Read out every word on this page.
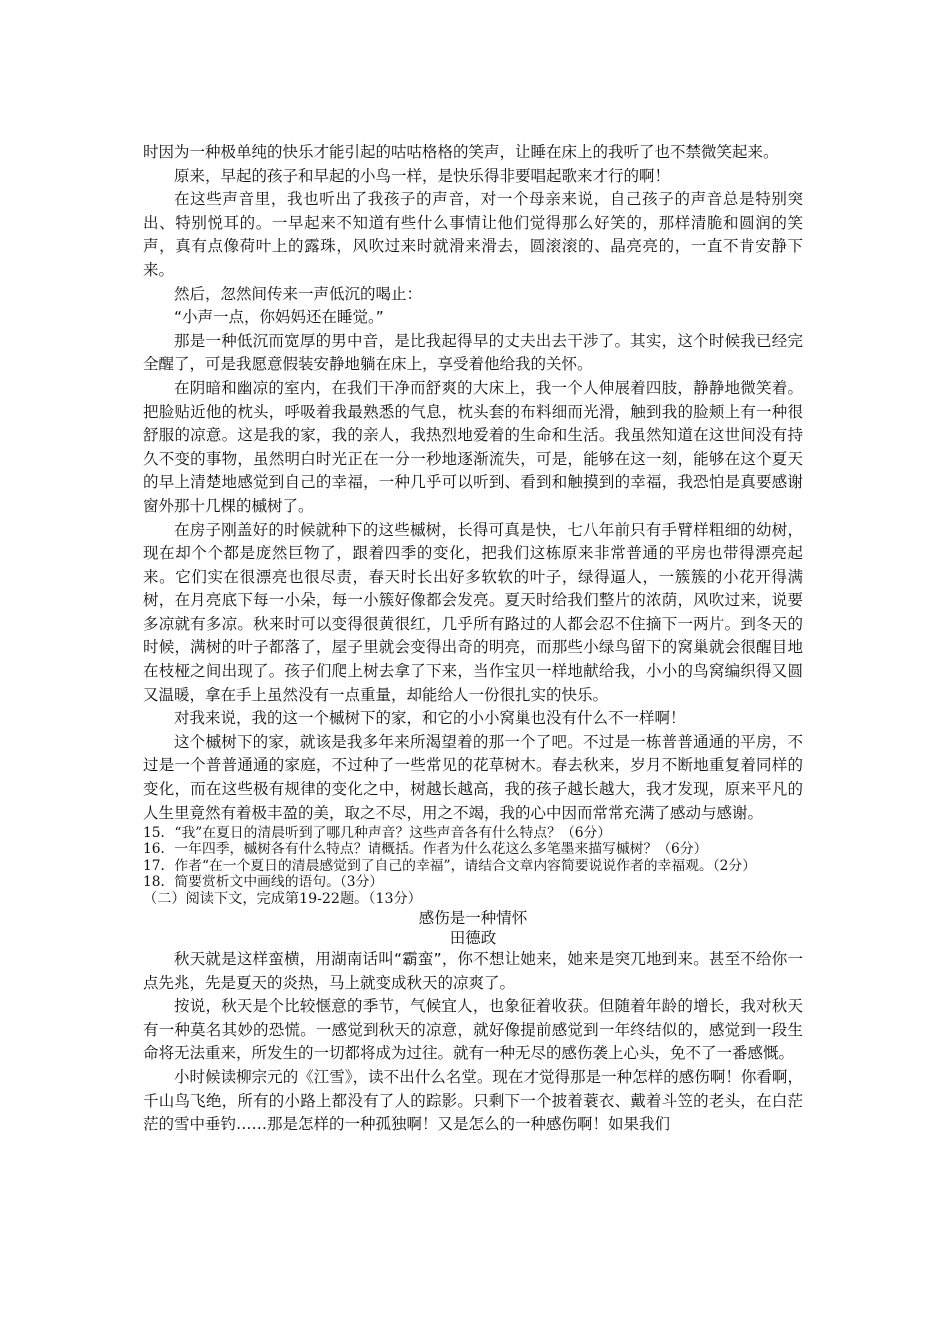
时因为一种极单纯的快乐才能引起的咕咕格格的笑声，让睡在床上的我听了也不禁微笑起来。

原来，早起的孩子和早起的小鸟一样，是快乐得非要唱起歌来才行的啊！

在这些声音里，我也听出了我孩子的声音，对一个母亲来说，自己孩子的声音总是特别突出、特别悦耳的。一早起来不知道有些什么事情让他们觉得那么好笑的，那样清脆和圆润的笑声，真有点像荷叶上的露珠，风吹过来时就滑来滑去，圆滚滚的、晶亮亮的，一直不肯安静下来。

然后，忽然间传来一声低沉的喝止：

“小声一点，你妈妈还在睡觉。”

那是一种低沉而宽厚的男中音，是比我起得早的丈夫出去干涉了。其实，这个时候我已经完全醒了，可是我愿意假装安静地躺在床上，享受着他给我的关怀。

在阴暗和幽凉的室内，在我们干净而舒爽的大床上，我一个人伸展着四肢，静静地微笑着。把脸贴近他的枕头，呼吸着我最熟悉的气息，枕头套的布料细而光滑，触到我的脸颊上有一种很舒服的凉意。这是我的家，我的亲人，我热烈地爱着的生命和生活。我虽然知道在这世间没有持久不变的事物，虽然明白时光正在一分一秒地逐渐流失，可是，能够在这一刻，能够在这个夏天的早上清楚地感觉到自己的幸福，一种几乎可以听到、看到和触摸到的幸福，我恐怕是真要感谢窗外那十几棵的槭树了。

在房子刚盖好的时候就种下的这些槭树，长得可真是快，七八年前只有手臂样粗细的幼树，现在却个个都是庞然巨物了，跟着四季的变化，把我们这栋原来非常普通的平房也带得漂亮起来。它们实在很漂亮也很尽责，春天时长出好多软软的叶子，绿得逼人，一簇簇的小花开得满树，在月亮底下每一小朵，每一小簇好像都会发亮。夏天时给我们整片的浓荫，风吹过来，说要多凉就有多凉。秋来时可以变得很黄很红，几乎所有路过的人都会忍不住摘下一两片。到冬天的时候，满树的叶子都落了，屋子里就会变得出奇的明亮，而那些小绿鸟留下的窝巢就会很醒目地在枝桠之间出现了。孩子们爬上树去拿了下来，当作宝贝一样地献给我，小小的鸟窝编织得又圆又温暖，拿在手上虽然没有一点重量，却能给人一份很扎实的快乐。

对我来说，我的这一个槭树下的家，和它的小小窝巢也没有什么不一样啊！

这个槭树下的家，就该是我多年来所渴望着的那一个了吧。不过是一栋普普通通的平房，不过是一个普普通通的家庭，不过种了一些常见的花草树木。春去秋来，岁月不断地重复着同样的变化，而在这些极有规律的变化之中，树越长越高，我的孩子越长越大，我才发现，原来平凡的人生里竟然有着极丰盈的美，取之不尽，用之不竭，我的心中因而常常充满了感动与感谢。

15．“我”在夏日的清晨听到了哪几种声音？这些声音各有什么特点？（6分）

16．一年四季，槭树各有什么特点？请概括。作者为什么花这么多笔墨来描写槭树？（6分）

17．作者“在一个夏日的清晨感觉到了自己的幸福”，请结合文章内容简要说说作者的幸福观。（2分）

18．简要赏析文中画线的语句。（3分）

（二）阅读下文，完成第19-22题。（13分）

感伤是一种情怀

田德政

秋天就是这样蛮横，用湖南话叫“霸蛮”，你不想让她来，她来是突兀地到来。甚至不给你一点先兆，先是夏天的炎热，马上就变成秋天的凉爽了。

按说，秋天是个比较惬意的季节，气候宜人，也象征着收获。但随着年龄的增长，我对秋天有一种莫名其妙的恐慌。一感觉到秋天的凉意，就好像提前感觉到一年终结似的，感觉到一段生命将无法重来，所发生的一切都将成为过往。就有一种无尽的感伤袭上心头，免不了一番感慨。

小时候读柳宗元的《江雪》，读不出什么名堂。现在才觉得那是一种怎样的感伤啊！你看啊，千山鸟飞绝，所有的小路上都没有了人的踪影。只剩下一个披着蓑衣、戴着斗笠的老头，在白茫茫的雪中垂钓……那是怎样的一种孤独啊！又是怎么的一种感伤啊！如果我们
